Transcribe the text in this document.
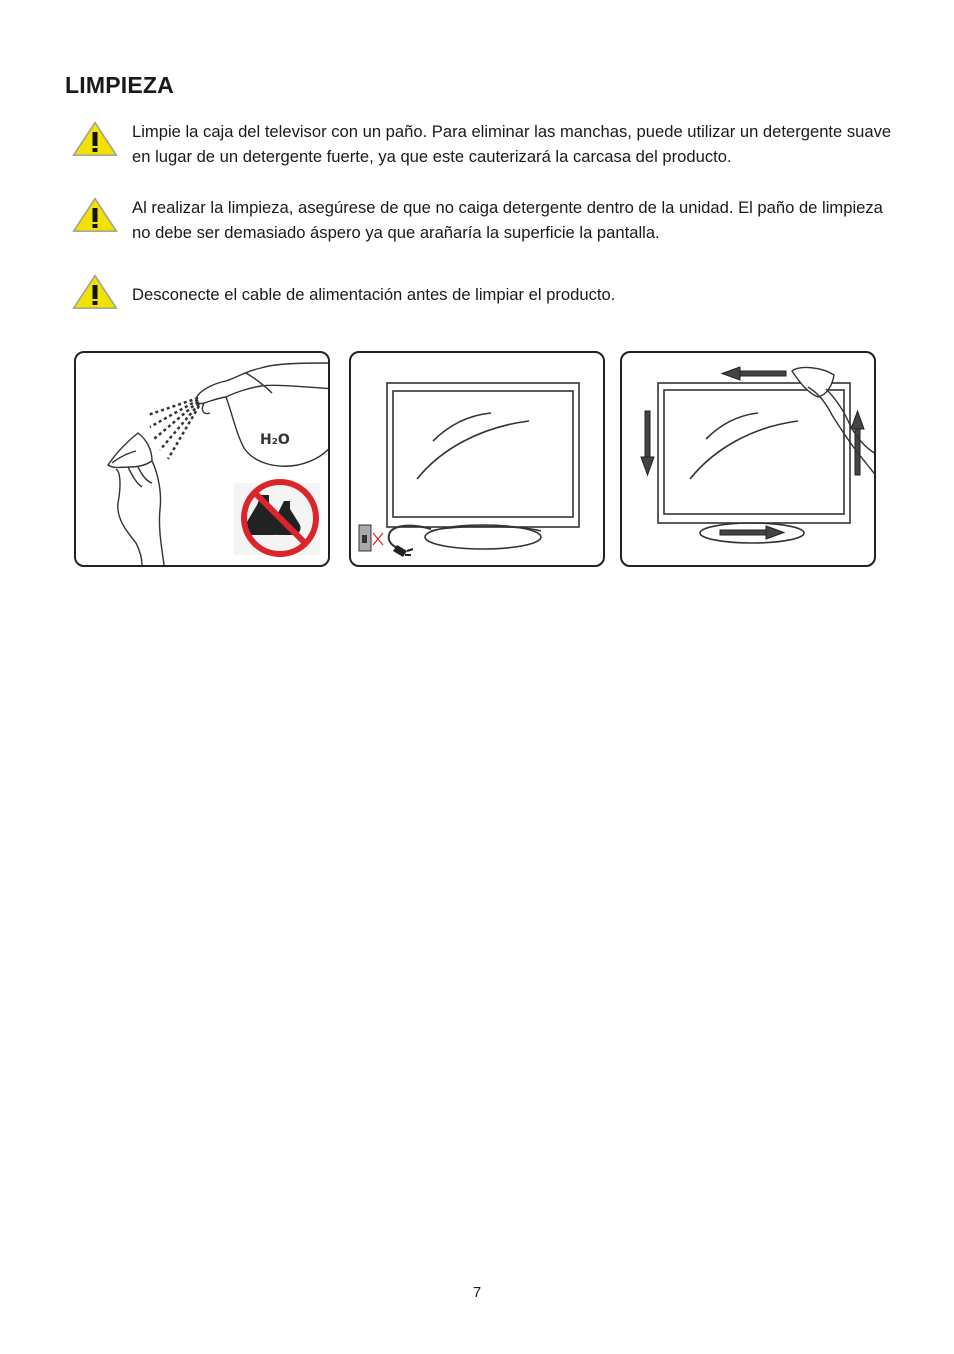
LIMPIEZA
Limpie la caja del televisor con un paño. Para eliminar las manchas, puede utilizar un detergente suave en lugar de un detergente fuerte, ya que este cauterizará la carcasa del producto.
Al realizar la limpieza, asegúrese de que no caiga detergente dentro de la unidad. El paño de limpieza no debe ser demasiado áspero ya que arañaría la superficie la pantalla.
Desconecte el cable de alimentación antes de limpiar el producto.
H₂O
7
